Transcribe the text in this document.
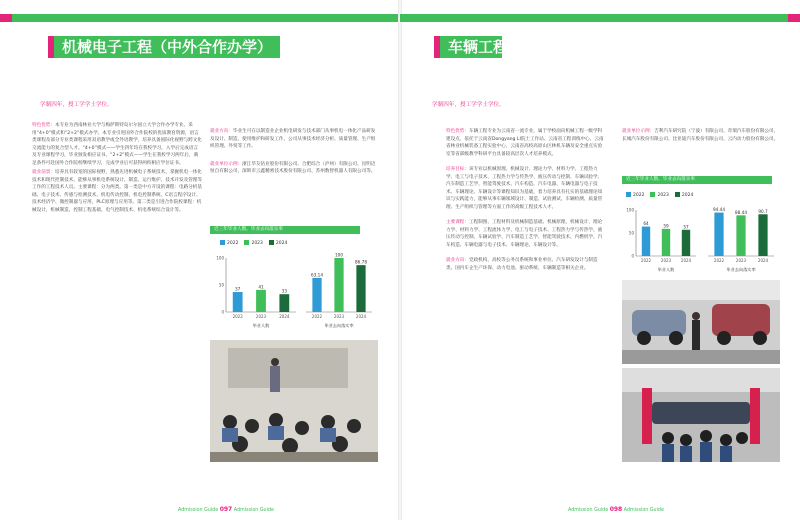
机械电子工程（中外合作办学）
学制四年，授工学学士学位。

特色优势：本专业为西南林业大学与梅萨斯特岛尔尔国立大学合作办学专业。采用“4+0”模式和“2+2”模式办学。本专业引进国外合作院校的优质教育资源，语言类课程及部分专业类课程采用双语教学或全外语教学，培养具备国际化视野与跨文化交流能力的复合型人才。“4+0”模式——学生四年均在我校学习，入学后完成语言及专业课程学习，毕业颁发相应证书。“2+2”模式——学生在我校学习两年后，满足条件可赴国外合作院校继续学习，完成学业后可获得两校相应学位证书。

就业前景：培养具有较宽的国际视野，熟悉先进机械电子系统技术，掌握机电一体化技术和现代控制技术，能够从事机电系统设计、制造、运行维护、技术开发及管理等工作的工程技术人员。主要课程：分为两类。第一类是中方开设的课程：电路分析基础、电子技术、传感与检测技术、机电传动控制、机电控制系统、C语言程序设计、技术经济学、微控制器与应用、PLC原理与应用等。第二类是引进合作院校课程：机械设计、机械制造、控制工程基础、电气控制技术、机电系统综合设计等。

就业方向：毕业生可在以制造业企业机电研发与技术部门从事机电一体化产品研发及设计、制造、使用维护和研发工作，公司从事技术经济分析、质量管理、生产组织管理、外贸等工作。

就业单位示例：浙江华友钴业股份有限公司、合肥综合（泸州）有限公司、昆明迈恒自有限公司、深圳市云鑫精密技术股份有限公司、苏州数智机器人有限公司等。

近三年毕业人数、毕业去向落实率
2022	2023	2024
0
50
100
37
2022
41
2023
33
2024
毕业人数
63.14
2022
100
2023
86.78
2024
毕业去向落实率
Admission Guide 097 Admission Guide
车辆工程
学制四年，授工学学士学位。

特色优势：车辆工程专业为云南省一流专业，属于学校面向机械工程一级学科建设点，依托于云南省Dongyang LI院士工作站、云南省工程训练中心、云南省林业机械装备工程实验中心、云南省高校高原山区林机车辆及安全重点实验室等省部级教学科研平台具备较高层次人才培养模式。

培养目标：该专业以机械原理、机械设计、理论力学、材料力学、工程热力学、电工与电子技术、工程热力学与传热学、液压传动与控制、车辆试验学、汽车制造工艺学、智能驾驶技术、汽车构造、汽车电器、车辆电器与电子技术、车辆理论、车辆设计等课程知识为基础，着力培养具有扎实的基础理论知识与实践能力，能够从事车辆领域设计、制造、试验测试、车辆检测、质量管理、生产组织与管理等方面工作的高级工程技术人才。

主要课程：工程制图、工程材料及机械制造基础、机械原理、机械设计、理论力学、材料力学、工程流体力学、电工与电子技术、工程热力学与传热学、液压传动与控制、车辆试验学、汽车制造工艺学、智能驾驶技术、内燃机学、汽车构造、车辆电器与电子技术、车辆理论、车辆设计等。

就业方向：党政机构、高校等公务员系统和事业单位、汽车研发设计与制造类、国内车企生产环保、动力电池、驱动系统、车辆制造等相关企业。

就业单位示例：吉利汽车研究院（宁波）有限公司、奇瑞汽车股份有限公司、长城汽车股份有限公司、比亚迪汽车股份有限公司、云内动力股份有限公司。

近三年毕业人数、毕业去向落实率
2022	2023	2024
0
50
100
64
2022
59
2023
57
2024
毕业人数
94.44
2022
88.44
2023
90.7
2024
毕业去向落实率
Admission Guide 098 Admission Guide
